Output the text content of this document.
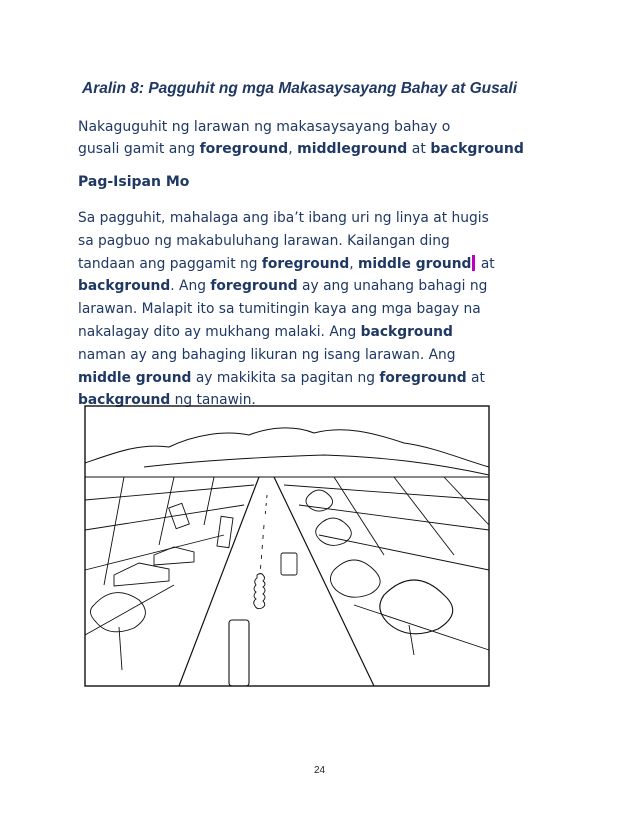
Aralin 8: Pagguhit ng mga Makasaysayang Bahay at Gusali

Nakaguguhit ng larawan ng makasaysayang bahay o
gusali gamit ang foreground, middleground at background

Pag-Isipan Mo

Sa pagguhit, mahalaga ang iba’t ibang uri ng linya at hugis
sa pagbuo ng makabuluhang larawan. Kailangan ding
tandaan ang paggamit ng foreground, middle ground at
background. Ang foreground ay ang unahang bahagi ng
larawan. Malapit ito sa tumitingin kaya ang mga bagay na
nakalagay dito ay mukhang malaki. Ang background
naman ay ang bahaging likuran ng isang larawan. Ang
middle ground ay makikita sa pagitan ng foreground at
background ng tanawin.

24
